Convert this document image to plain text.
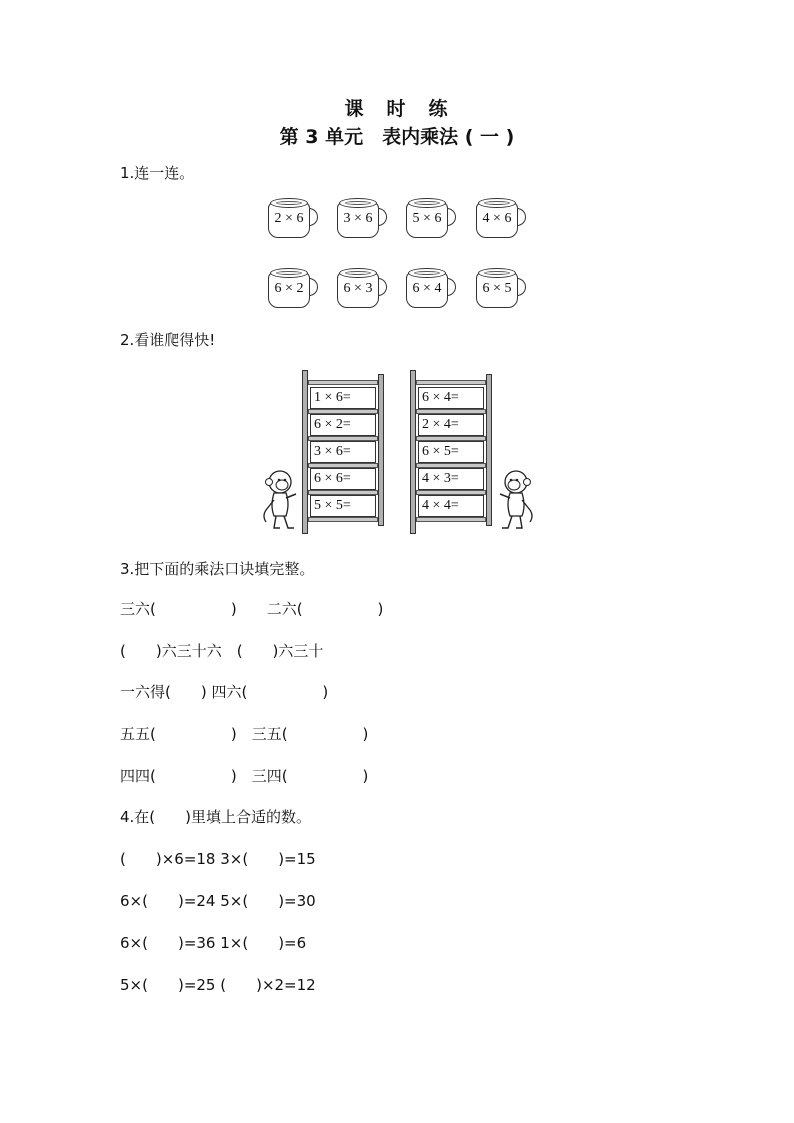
课　时　练
第 3 单元　表内乘法 ( 一 )
1.连一连。
2 × 6	3 × 6	5 × 6	4 × 6
6 × 2	6 × 3	6 × 4	6 × 5
2.看谁爬得快!
1 × 6=
6 × 2=
3 × 6=
6 × 6=
5 × 5=
6 × 4=
2 × 4=
6 × 5=
4 × 3=
4 × 4=
3.把下面的乘法口诀填完整。
三六(　　　　　)　　二六(　　　　　)
(　　)六三十六　(　　)六三十
一六得(　　) 四六(　　　　　)
五五(　　　　　)　三五(　　　　　)
四四(　　　　　)　三四(　　　　　)
4.在(　　)里填上合适的数。
(　　)×6=18 3×(　　)=15
6×(　　)=24 5×(　　)=30
6×(　　)=36 1×(　　)=6
5×(　　)=25 (　　)×2=12
